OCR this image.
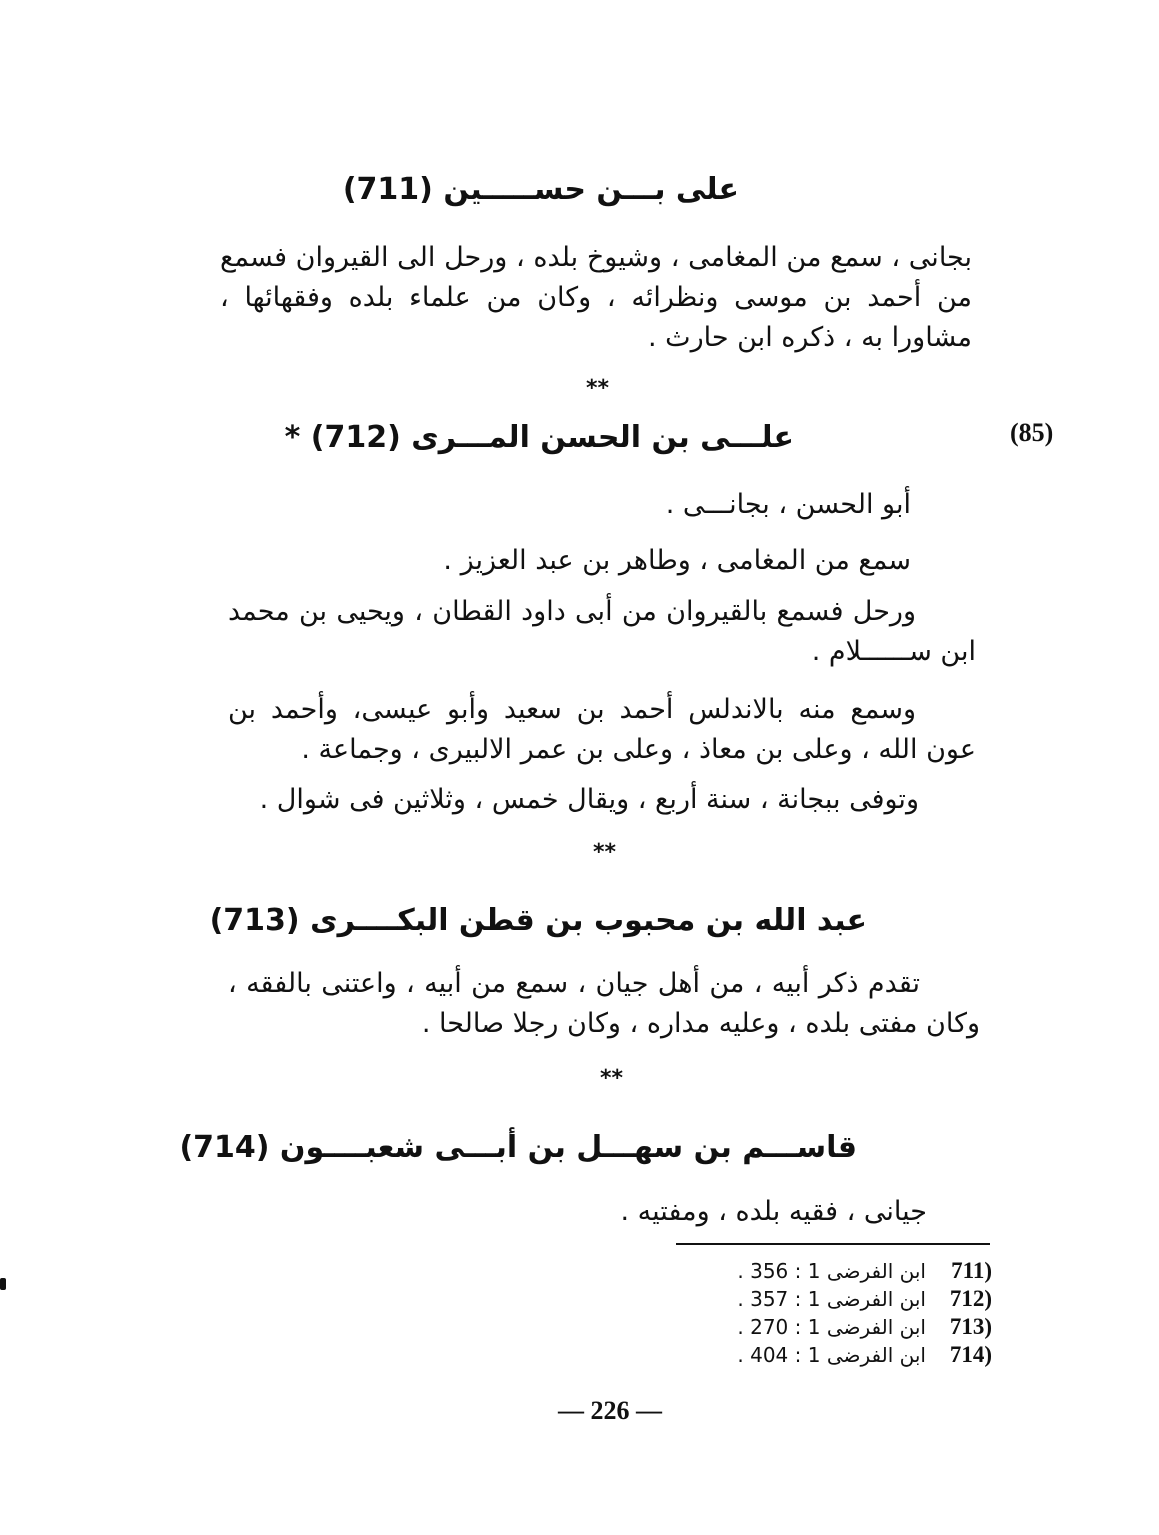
على بـــن حســـــين (711)
بجانى ، سمع من المغامى ، وشيوخ بلده ، ورحل الى القيروان فسمع من أحمد بن موسى ونظرائه ، وكان من علماء بلده وفقهائها ، مشاورا به ، ذكره ابن حارث .
**
(85)
علـــى بن الحسن المـــرى (712) *
أبو الحسن ، بجانـــى .
سمع من المغامى ، وطاهر بن عبد العزيز .
ورحل فسمع بالقيروان من أبى داود القطان ، ويحيى بن محمد ابن ســــــلام .
وسمع منه بالاندلس أحمد بن سعيد وأبو عيسى، وأحمد بن عون الله ، وعلى بن معاذ ، وعلى بن عمر الالبيرى ، وجماعة .
وتوفى ببجانة ، سنة أربع ، ويقال خمس ، وثلاثين فى شوال .
**
عبد الله بن محبوب بن قطن البكــــرى (713)
تقدم ذكر أبيه ، من أهل جيان ، سمع من أبيه ، واعتنى بالفقه ، وكان مفتى بلده ، وعليه مداره ، وكان رجلا صالحا .
**
قاســـم بن سهـــل بن أبـــى شعبــــون (714)
جيانى ، فقيه بلده ، ومفتيه .
(711
ابن الفرضى 1 : 356 .
(712
ابن الفرضى 1 : 357 .
(713
ابن الفرضى 1 : 270 .
(714
ابن الفرضى 1 : 404 .
— 226 —
